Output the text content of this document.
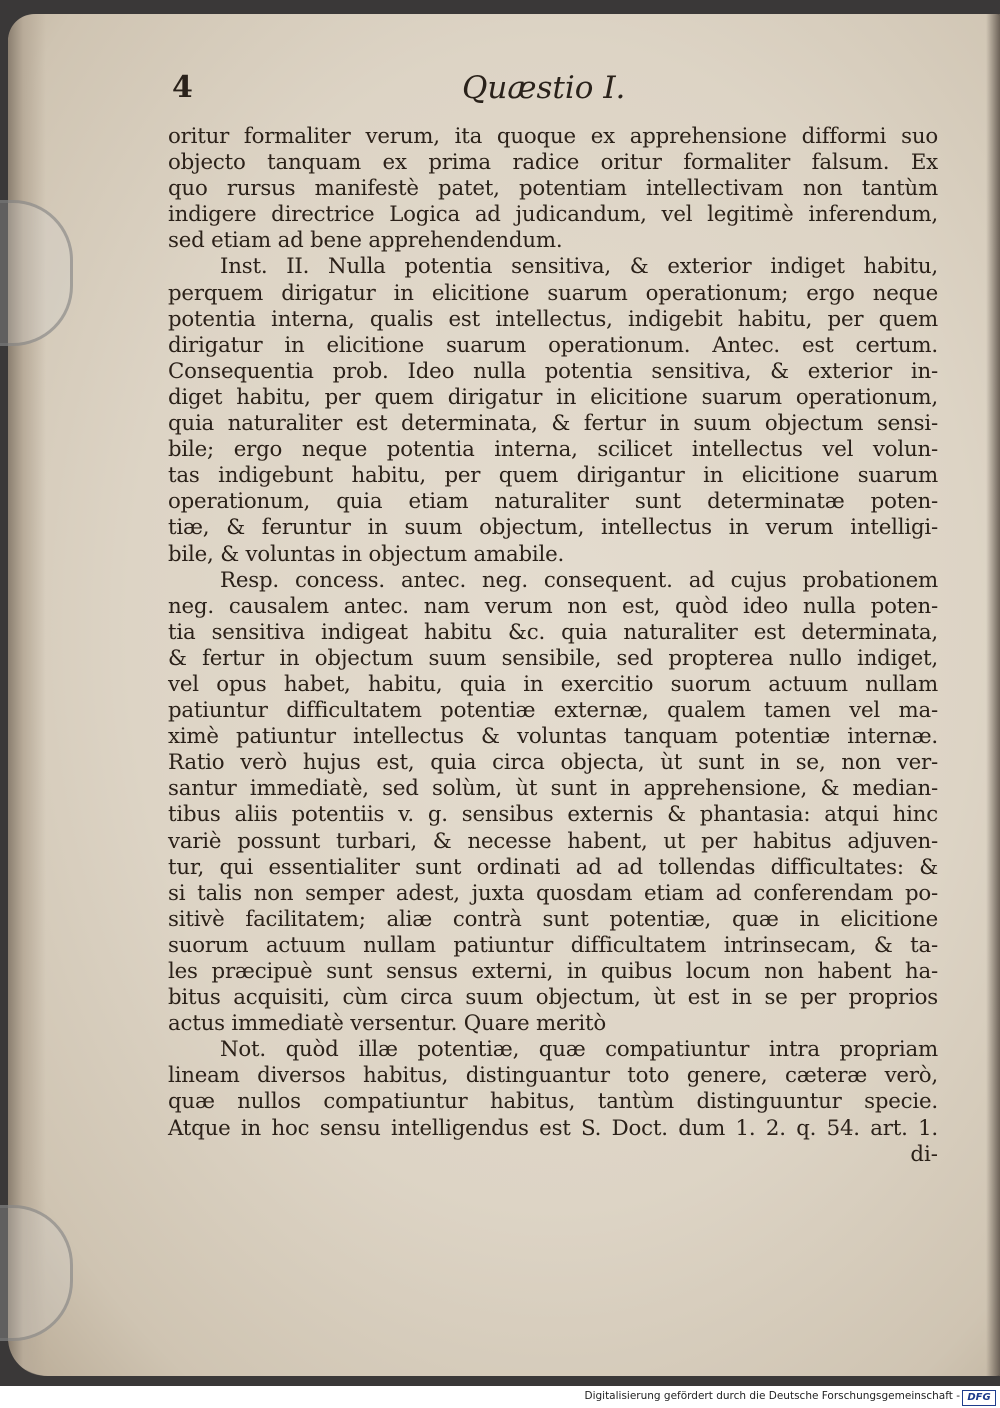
4	Quæstio I.
oritur formaliter verum, ita quoque ex apprehensione difformi suo
objecto tanquam ex prima radice oritur formaliter falsum. Ex
quo rursus manifestè patet, potentiam intellectivam non tantùm
indigere directrice Logica ad judicandum, vel legitimè inferendum,
sed etiam ad bene apprehendendum.
Inst. II. Nulla potentia sensitiva, & exterior indiget habitu,
perquem dirigatur in elicitione suarum operationum; ergo neque
potentia interna, qualis est intellectus, indigebit habitu, per quem
dirigatur in elicitione suarum operationum. Antec. est certum.
Consequentia prob. Ideo nulla potentia sensitiva, & exterior in-
diget habitu, per quem dirigatur in elicitione suarum operationum,
quia naturaliter est determinata, & fertur in suum objectum sensi-
bile; ergo neque potentia interna, scilicet intellectus vel volun-
tas indigebunt habitu, per quem dirigantur in elicitione suarum
operationum, quia etiam naturaliter sunt determinatæ poten-
tiæ, & feruntur in suum objectum, intellectus in verum intelligi-
bile, & voluntas in objectum amabile.
Resp. concess. antec. neg. consequent. ad cujus probationem
neg. causalem antec. nam verum non est, quòd ideo nulla poten-
tia sensitiva indigeat habitu &c. quia naturaliter est determinata,
& fertur in objectum suum sensibile, sed propterea nullo indiget,
vel opus habet, habitu, quia in exercitio suorum actuum nullam
patiuntur difficultatem potentiæ externæ, qualem tamen vel ma-
ximè patiuntur intellectus & voluntas tanquam potentiæ internæ.
Ratio verò hujus est, quia circa objecta, ùt sunt in se, non ver-
santur immediatè, sed solùm, ùt sunt in apprehensione, & median-
tibus aliis potentiis v. g. sensibus externis & phantasia: atqui hinc
variè possunt turbari, & necesse habent, ut per habitus adjuven-
tur, qui essentialiter sunt ordinati ad ad tollendas difficultates: &
si talis non semper adest, juxta quosdam etiam ad conferendam po-
sitivè facilitatem; aliæ contrà sunt potentiæ, quæ in elicitione
suorum actuum nullam patiuntur difficultatem intrinsecam, & ta-
les præcipuè sunt sensus externi, in quibus locum non habent ha-
bitus acquisiti, cùm circa suum objectum, ùt est in se per proprios
actus immediatè versentur. Quare meritò
Not. quòd illæ potentiæ, quæ compatiuntur intra propriam
lineam diversos habitus, distinguantur toto genere, cæteræ verò,
quæ nullos compatiuntur habitus, tantùm distinguuntur specie.
Atque in hoc sensu intelligendus est S. Doct. dum 1. 2. q. 54. art. 1.
di-
Digitalisierung gefördert durch die Deutsche Forschungsgemeinschaft - DFG
